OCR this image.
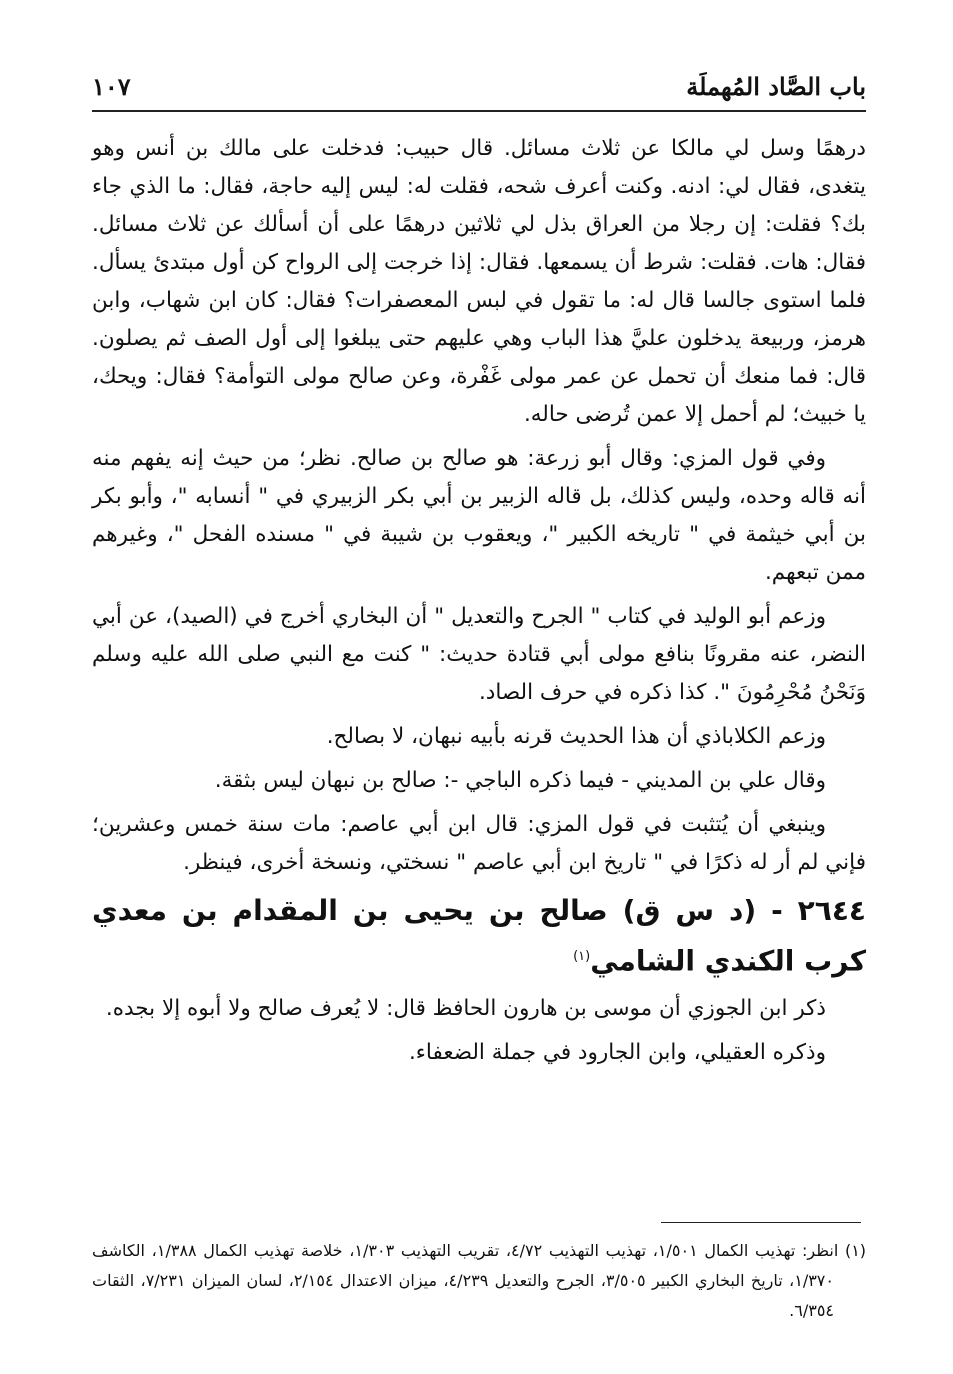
باب الصَّاد المُهملَة
١٠٧

درهمًا وسل لي مالكا عن ثلاث مسائل. قال حبيب: فدخلت على مالك بن أنس وهو يتغدى، فقال لي: ادنه. وكنت أعرف شحه، فقلت له: ليس إليه حاجة، فقال: ما الذي جاء بك؟ فقلت: إن رجلا من العراق بذل لي ثلاثين درهمًا على أن أسألك عن ثلاث مسائل. فقال: هات. فقلت: شرط أن يسمعها. فقال: إذا خرجت إلى الرواح كن أول مبتدئ يسأل. فلما استوى جالسا قال له: ما تقول في لبس المعصفرات؟ فقال: كان ابن شهاب، وابن هرمز، وربيعة يدخلون عليَّ هذا الباب وهي عليهم حتى يبلغوا إلى أول الصف ثم يصلون. قال: فما منعك أن تحمل عن عمر مولى غَفْرة، وعن صالح مولى التوأمة؟ فقال: ويحك، يا خبيث؛ لم أحمل إلا عمن تُرضى حاله.

وفي قول المزي: وقال أبو زرعة: هو صالح بن صالح. نظر؛ من حيث إنه يفهم منه أنه قاله وحده، وليس كذلك، بل قاله الزبير بن أبي بكر الزبيري في " أنسابه "، وأبو بكر بن أبي خيثمة في " تاريخه الكبير "، ويعقوب بن شيبة في " مسنده الفحل "، وغيرهم ممن تبعهم.

وزعم أبو الوليد في كتاب " الجرح والتعديل " أن البخاري أخرج في (الصيد)، عن أبي النضر، عنه مقرونًا بنافع مولى أبي قتادة حديث: " كنت مع النبي صلى الله عليه وسلم وَنَحْنُ مُحْرِمُونَ ". كذا ذكره في حرف الصاد.

وزعم الكلاباذي أن هذا الحديث قرنه بأبيه نبهان، لا بصالح.

وقال علي بن المديني - فيما ذكره الباجي -: صالح بن نبهان ليس بثقة.

وينبغي أن يُتثبت في قول المزي: قال ابن أبي عاصم: مات سنة خمس وعشرين؛ فإني لم أر له ذكرًا في " تاريخ ابن أبي عاصم " نسختي، ونسخة أخرى، فينظر.

٢٦٤٤ - (د س ق) صالح بن يحيى بن المقدام بن معدي كرب الكندي الشامي$^{(١)}$

ذكر ابن الجوزي أن موسى بن هارون الحافظ قال: لا يُعرف صالح ولا أبوه إلا بجده.

وذكره العقيلي، وابن الجارود في جملة الضعفاء.

(١) انظر: تهذيب الكمال ١/٥٠١، تهذيب التهذيب ٤/٧٢، تقريب التهذيب ١/٣٠٣، خلاصة تهذيب الكمال ١/٣٨٨، الكاشف ١/٣٧٠، تاريخ البخاري الكبير ٣/٥٠٥، الجرح والتعديل ٤/٢٣٩، ميزان الاعتدال ٢/١٥٤، لسان الميزان ٧/٢٣١، الثقات ٦/٣٥٤.
